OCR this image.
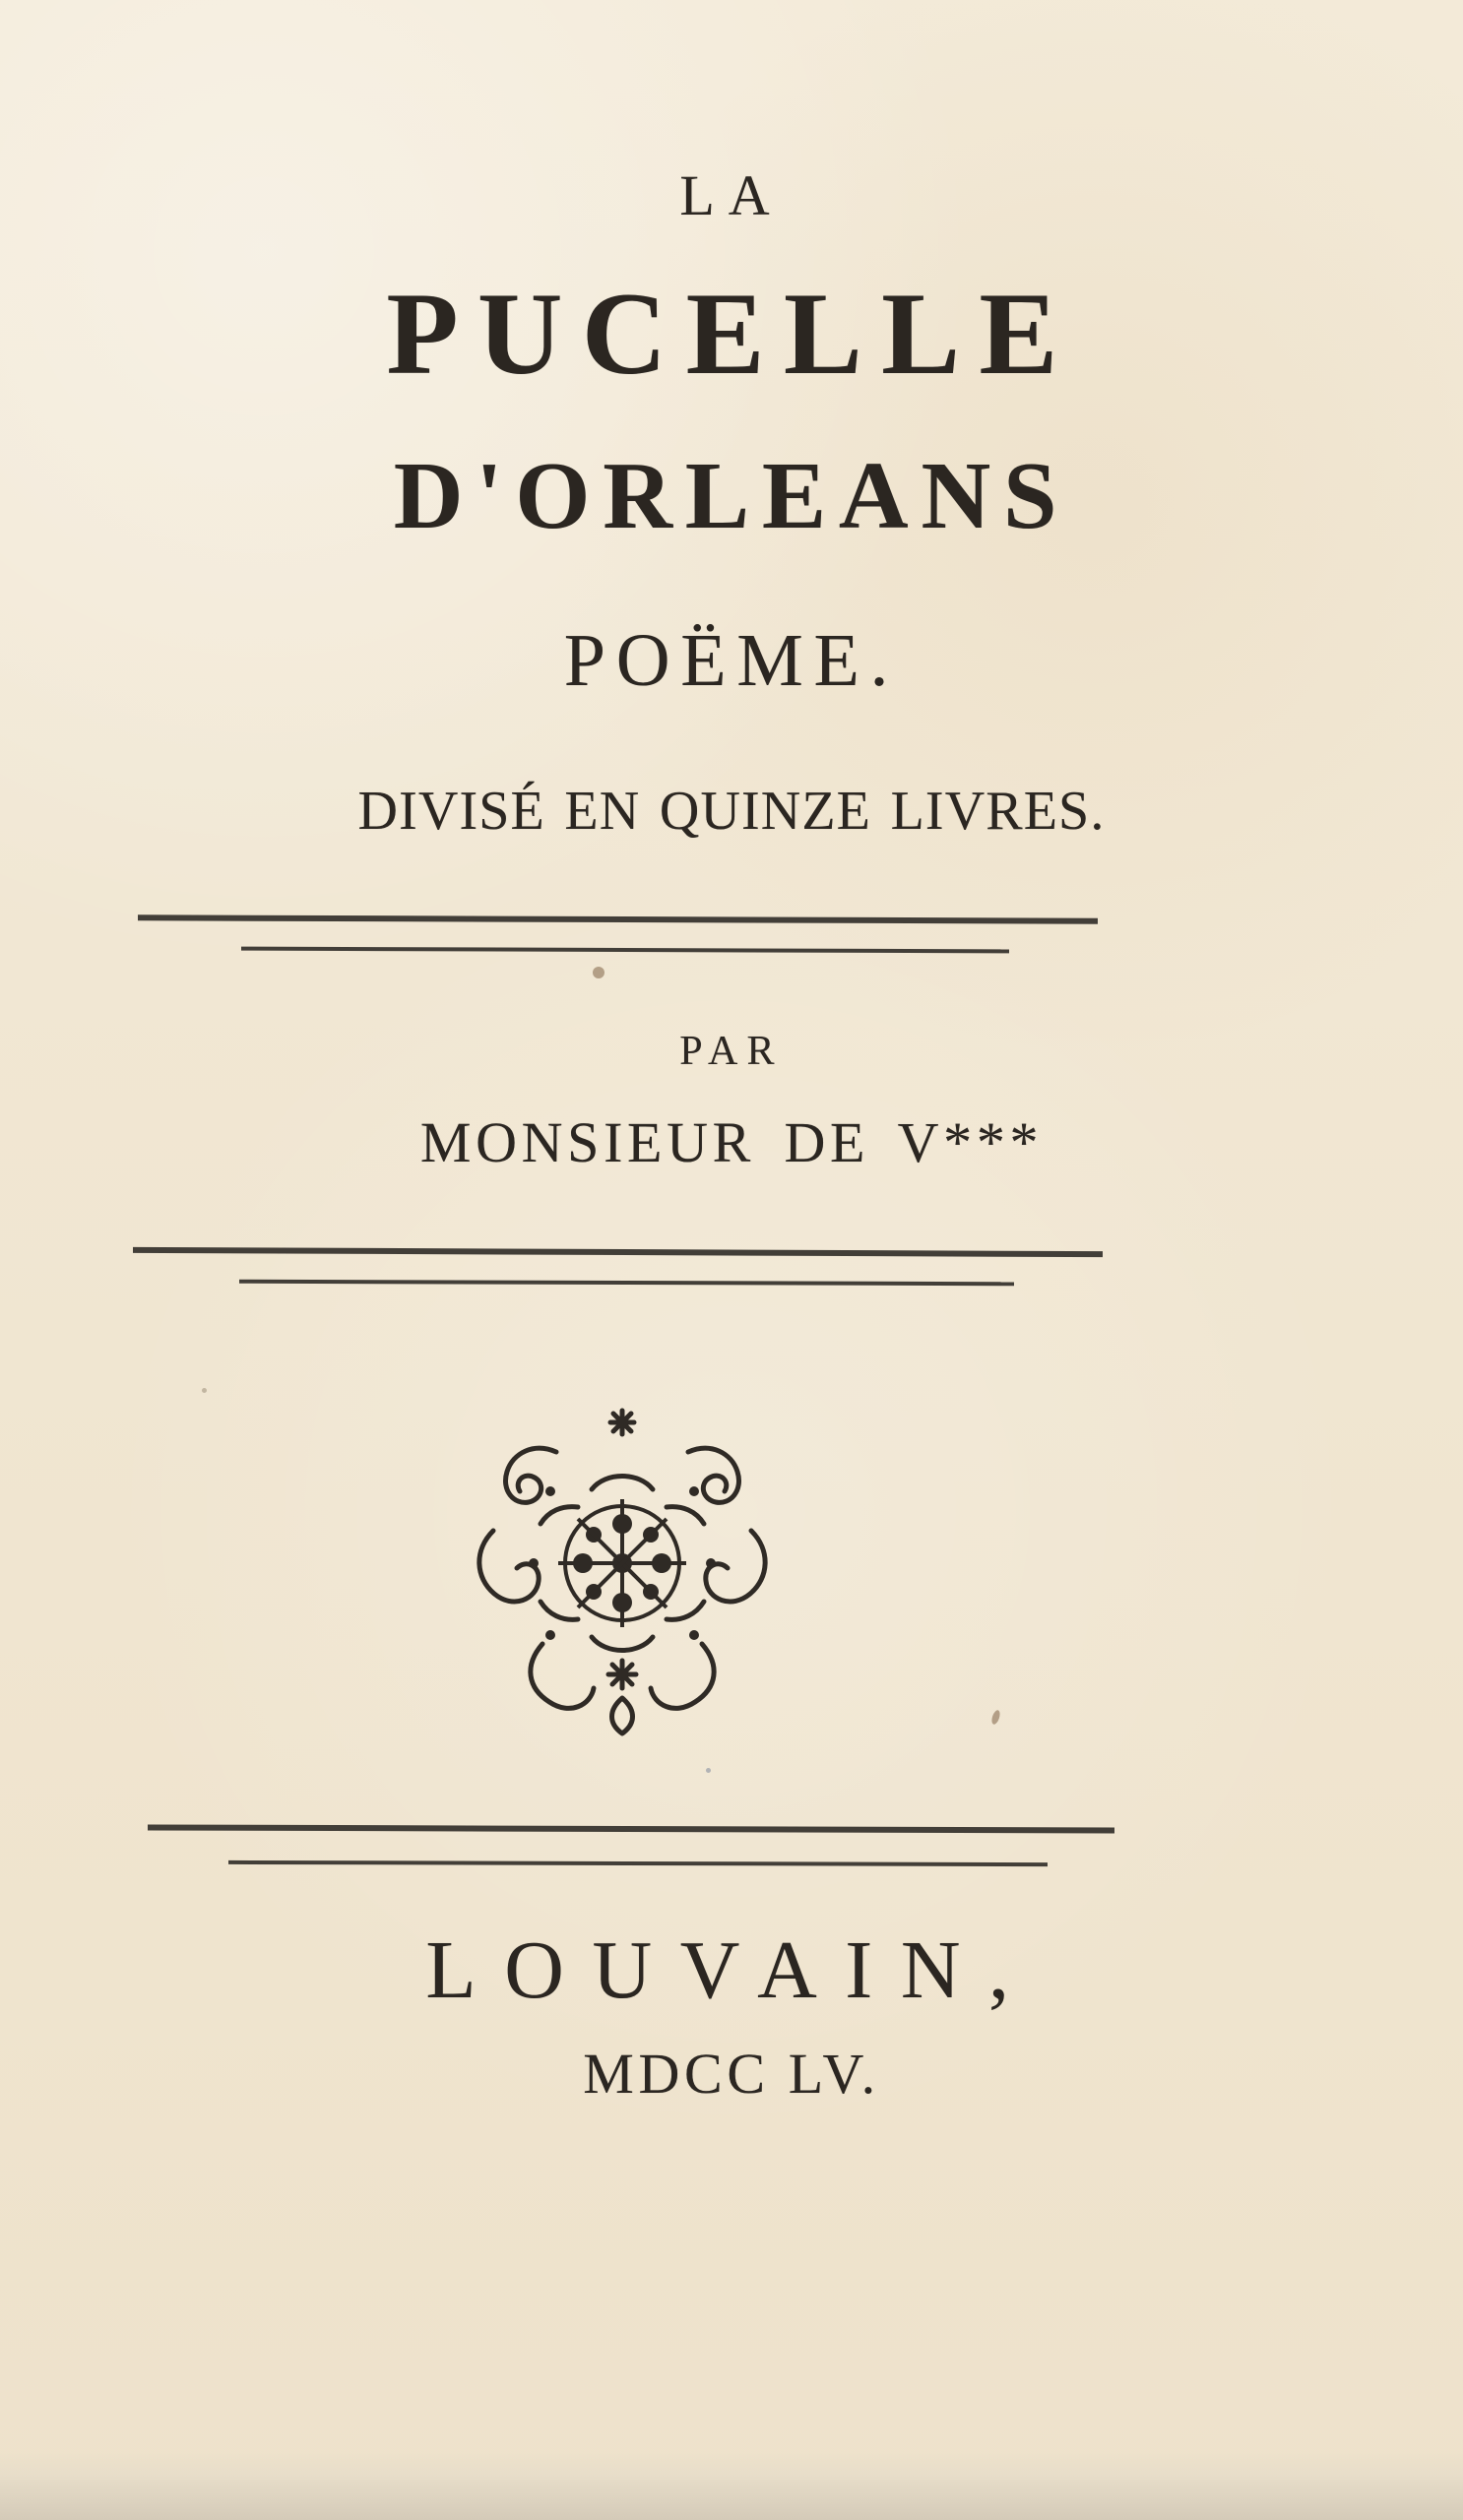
LA
PUCELLE
D'ORLEANS
POËME.
DIVISÉ EN QUINZE LIVRES.
PAR
MONSIEUR DE V***
LOUVAIN,
MDCC LV.
